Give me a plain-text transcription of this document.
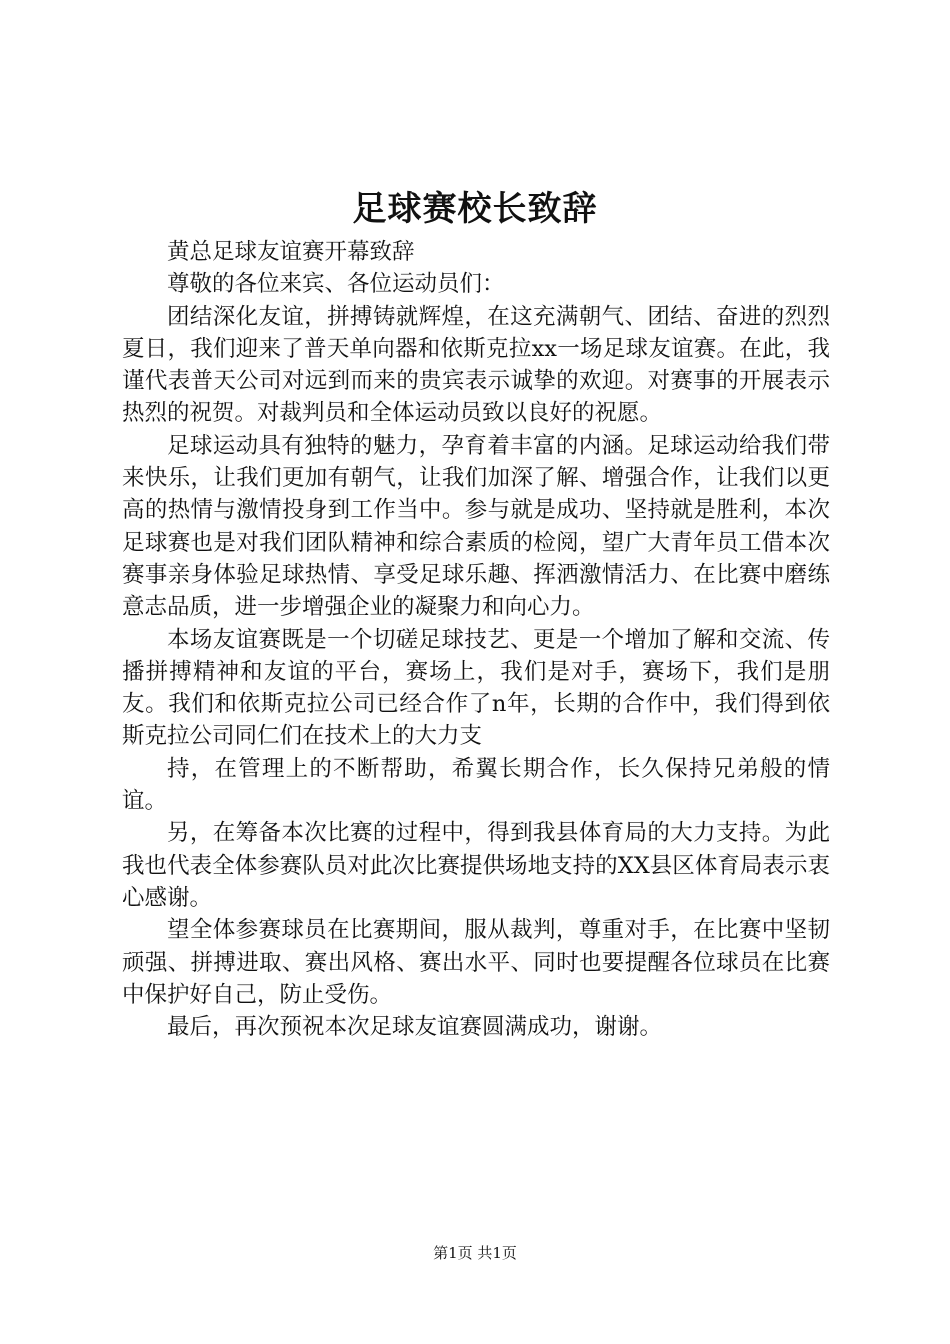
足球赛校长致辞

黄总足球友谊赛开幕致辞

尊敬的各位来宾、各位运动员们：

团结深化友谊，拼搏铸就辉煌，在这充满朝气、团结、奋进的烈烈夏日，我们迎来了普天单向器和依斯克拉xx一场足球友谊赛。在此，我谨代表普天公司对远到而来的贵宾表示诚挚的欢迎。对赛事的开展表示热烈的祝贺。对裁判员和全体运动员致以良好的祝愿。

足球运动具有独特的魅力，孕育着丰富的内涵。足球运动给我们带来快乐，让我们更加有朝气，让我们加深了解、增强合作，让我们以更高的热情与激情投身到工作当中。参与就是成功、坚持就是胜利，本次足球赛也是对我们团队精神和综合素质的检阅，望广大青年员工借本次赛事亲身体验足球热情、享受足球乐趣、挥洒激情活力、在比赛中磨练意志品质，进一步增强企业的凝聚力和向心力。

本场友谊赛既是一个切磋足球技艺、更是一个增加了解和交流、传播拼搏精神和友谊的平台，赛场上，我们是对手，赛场下，我们是朋友。我们和依斯克拉公司已经合作了n年，长期的合作中，我们得到依斯克拉公司同仁们在技术上的大力支

持，在管理上的不断帮助，希翼长期合作，长久保持兄弟般的情谊。

另，在筹备本次比赛的过程中，得到我县体育局的大力支持。为此我也代表全体参赛队员对此次比赛提供场地支持的XX县区体育局表示衷心感谢。

望全体参赛球员在比赛期间，服从裁判，尊重对手，在比赛中坚韧顽强、拼搏进取、赛出风格、赛出水平、同时也要提醒各位球员在比赛中保护好自己，防止受伤。

最后，再次预祝本次足球友谊赛圆满成功，谢谢。

第1页 共1页
